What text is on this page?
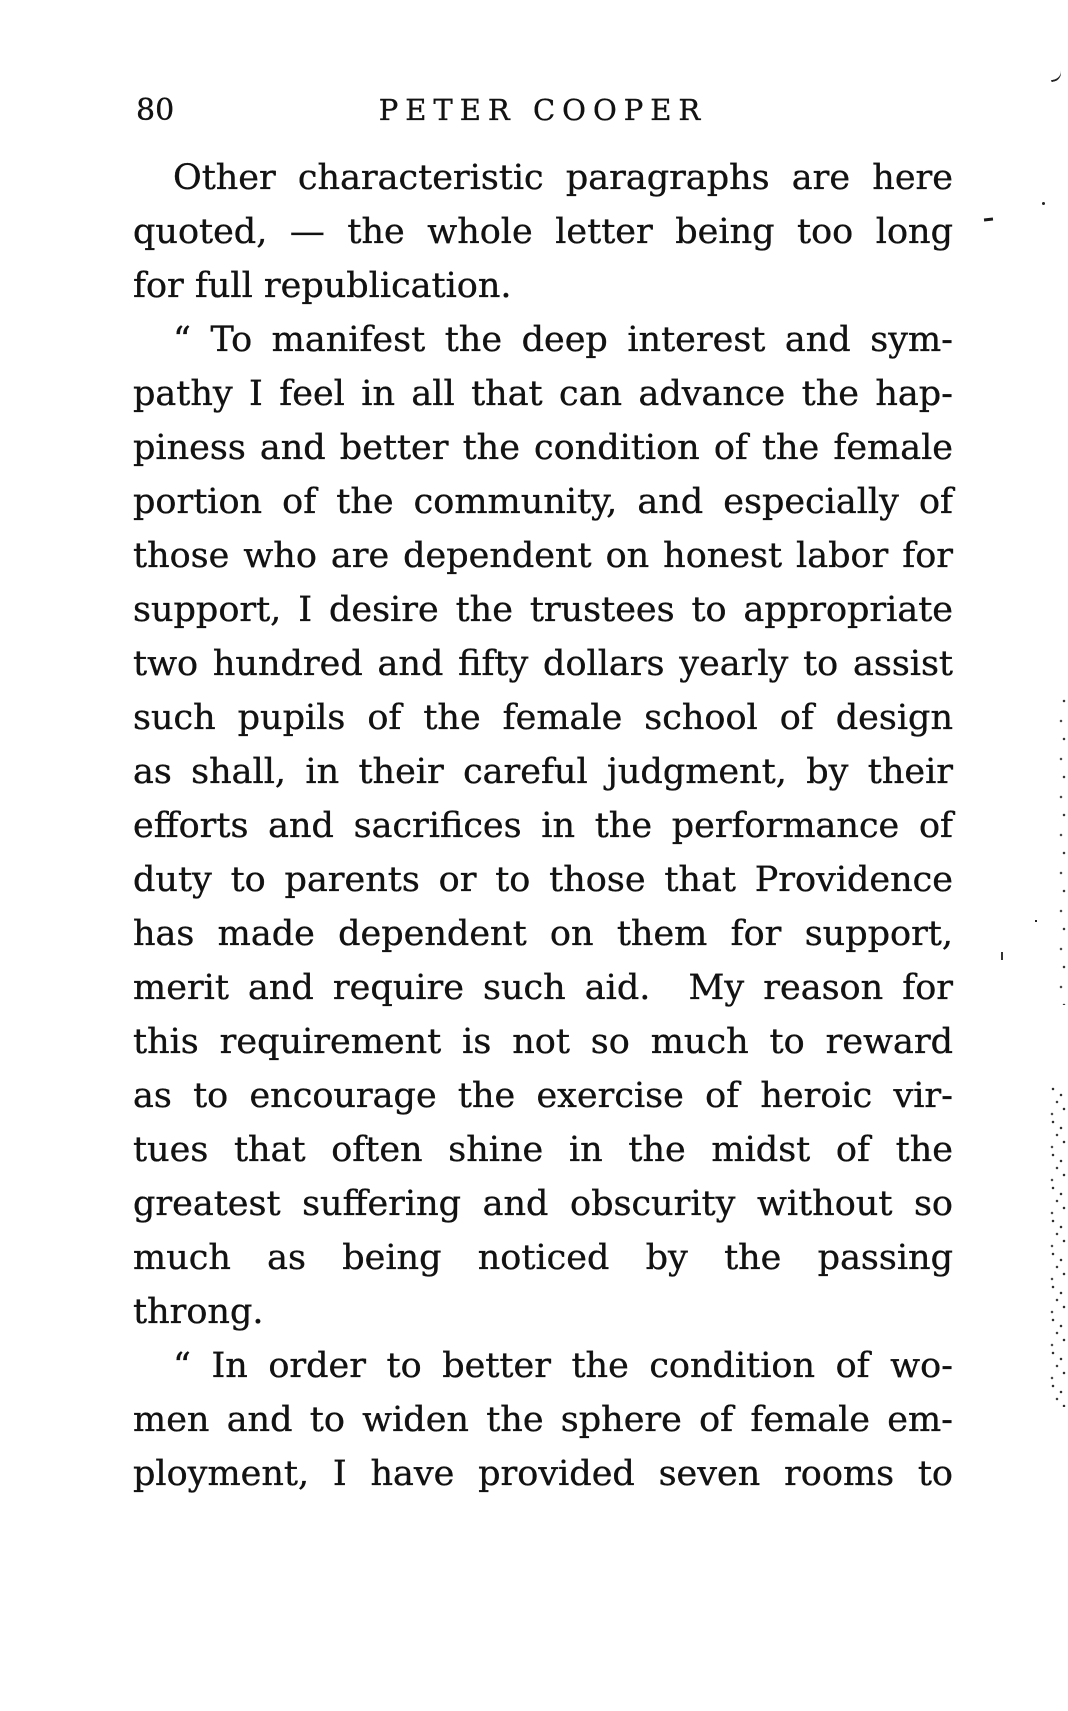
80	PETER COOPER
Other characteristic paragraphs are here
quoted, — the whole letter being too long
for full republication.
“ To manifest the deep interest and sym-
pathy I feel in all that can advance the hap-
piness and better the condition of the female
portion of the community, and especially of
those who are dependent on honest labor for
support, I desire the trustees to appropriate
two hundred and fifty dollars yearly to assist
such pupils of the female school of design
as shall, in their careful judgment, by their
efforts and sacrifices in the performance of
duty to parents or to those that Providence
has made dependent on them for support,
merit and require such aid.  My reason for
this requirement is not so much to reward
as to encourage the exercise of heroic vir-
tues that often shine in the midst of the
greatest suffering and obscurity without so
much as being noticed by the passing
throng.
“ In order to better the condition of wo-
men and to widen the sphere of female em-
ployment, I have provided seven rooms to
